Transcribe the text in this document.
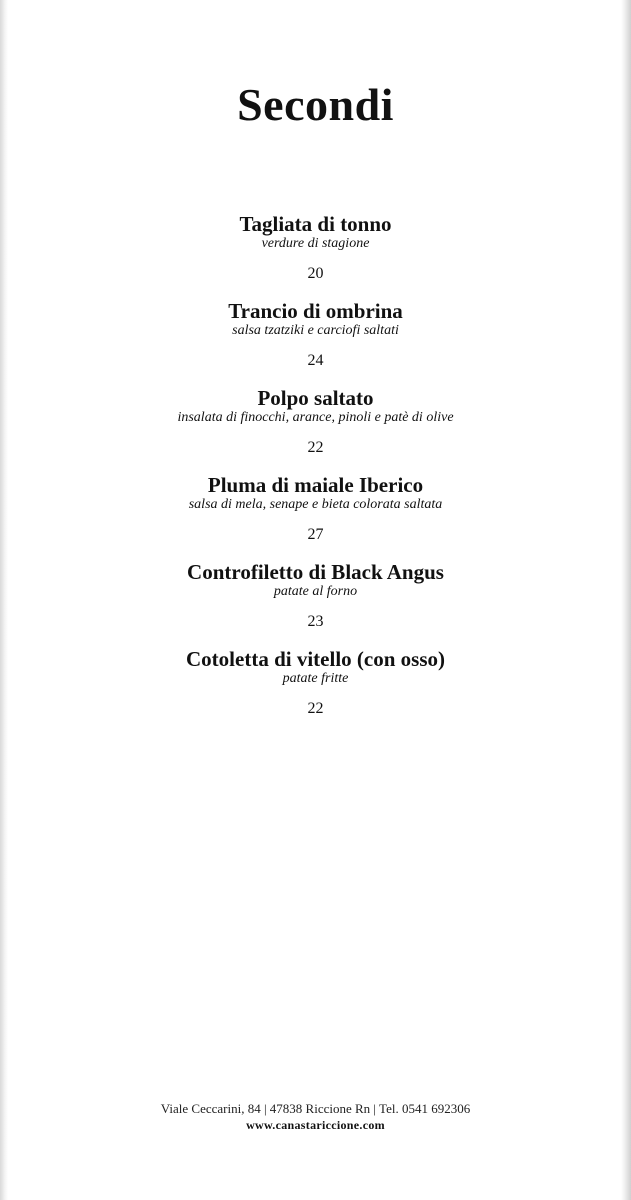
Secondi
Tagliata di tonno
verdure di stagione
20
Trancio di ombrina
salsa tzatziki e carciofi saltati
24
Polpo saltato
insalata di finocchi, arance, pinoli e patè di olive
22
Pluma di maiale Iberico
salsa di mela, senape e bieta colorata saltata
27
Controfiletto di Black Angus
patate al forno
23
Cotoletta di vitello (con osso)
patate fritte
22
Viale Ceccarini, 84 | 47838 Riccione Rn | Tel. 0541 692306
www.canastariccione.com
